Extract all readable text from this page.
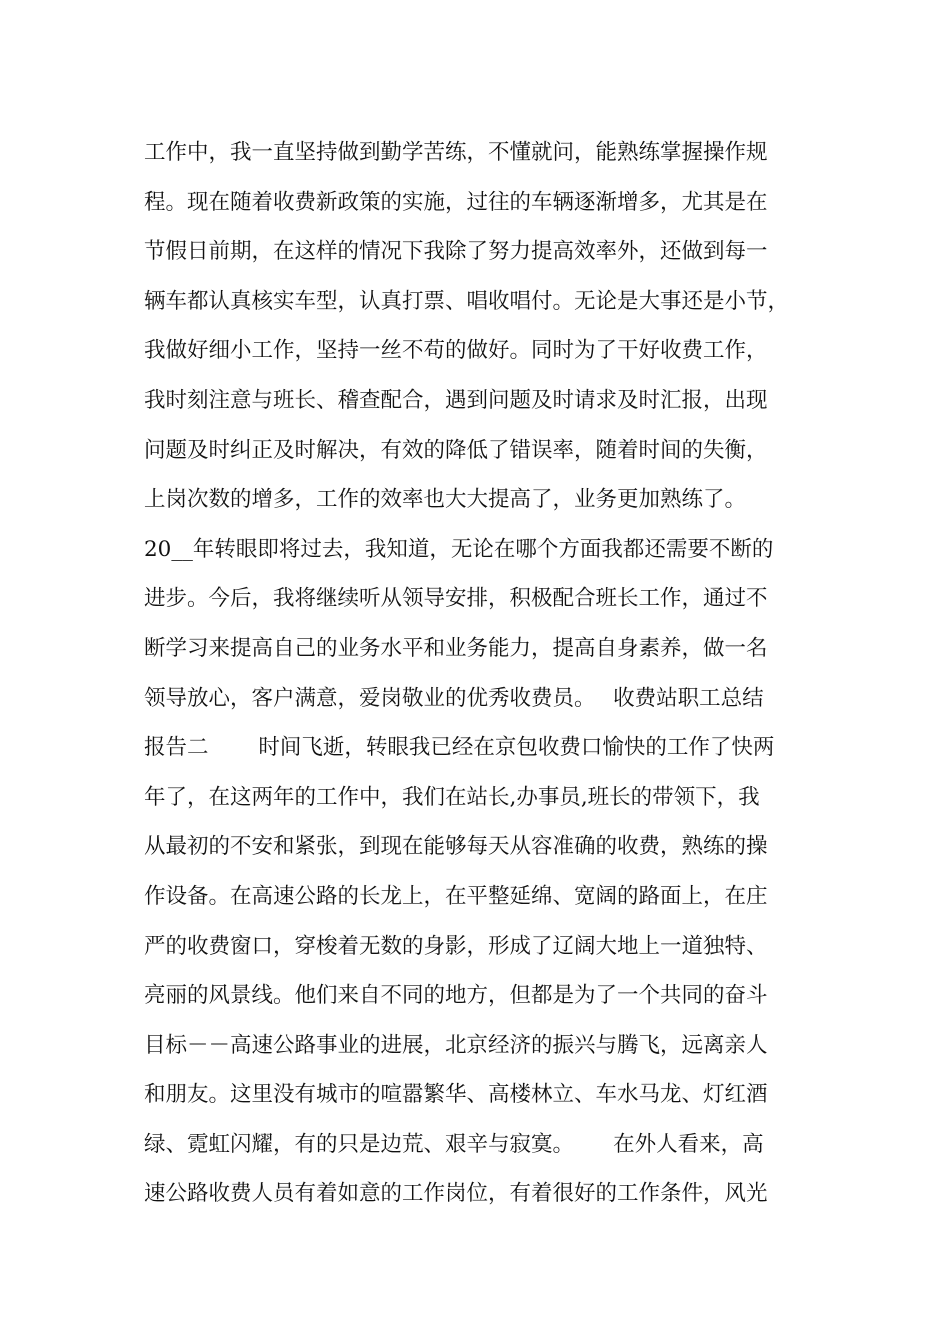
工作中，我一直坚持做到勤学苦练，不懂就问，能熟练掌握操作规
程。现在随着收费新政策的实施，过往的车辆逐渐增多，尤其是在
节假日前期，在这样的情况下我除了努力提高效率外，还做到每一
辆车都认真核实车型，认真打票、唱收唱付。无论是大事还是小节，
我做好细小工作，坚持一丝不苟的做好。同时为了干好收费工作，
我时刻注意与班长、稽查配合，遇到问题及时请求及时汇报，出现
问题及时纠正及时解决，有效的降低了错误率，随着时间的失衡，
上岗次数的增多，工作的效率也大大提高了，业务更加熟练了。
20__年转眼即将过去，我知道，无论在哪个方面我都还需要不断的
进步。今后，我将继续听从领导安排，积极配合班长工作，通过不
断学习来提高自己的业务水平和业务能力，提高自身素养，做一名
领导放心，客户满意，爱岗敬业的优秀收费员。　 收费站职工总结
报告二　　 时间飞逝，转眼我已经在京包收费口愉快的工作了快两
年了，在这两年的工作中，我们在站长,办事员,班长的带领下，我
从最初的不安和紧张，到现在能够每天从容准确的收费，熟练的操
作设备。在高速公路的长龙上，在平整延绵、宽阔的路面上，在庄
严的收费窗口，穿梭着无数的身影，形成了辽阔大地上一道独特、
亮丽的风景线。他们来自不同的地方，但都是为了一个共同的奋斗
目标－－高速公路事业的进展，北京经济的振兴与腾飞，远离亲人
和朋友。这里没有城市的喧嚣繁华、高楼林立、车水马龙、灯红酒
绿、霓虹闪耀，有的只是边荒、艰辛与寂寞。　　 在外人看来，高
速公路收费人员有着如意的工作岗位，有着很好的工作条件，风光
